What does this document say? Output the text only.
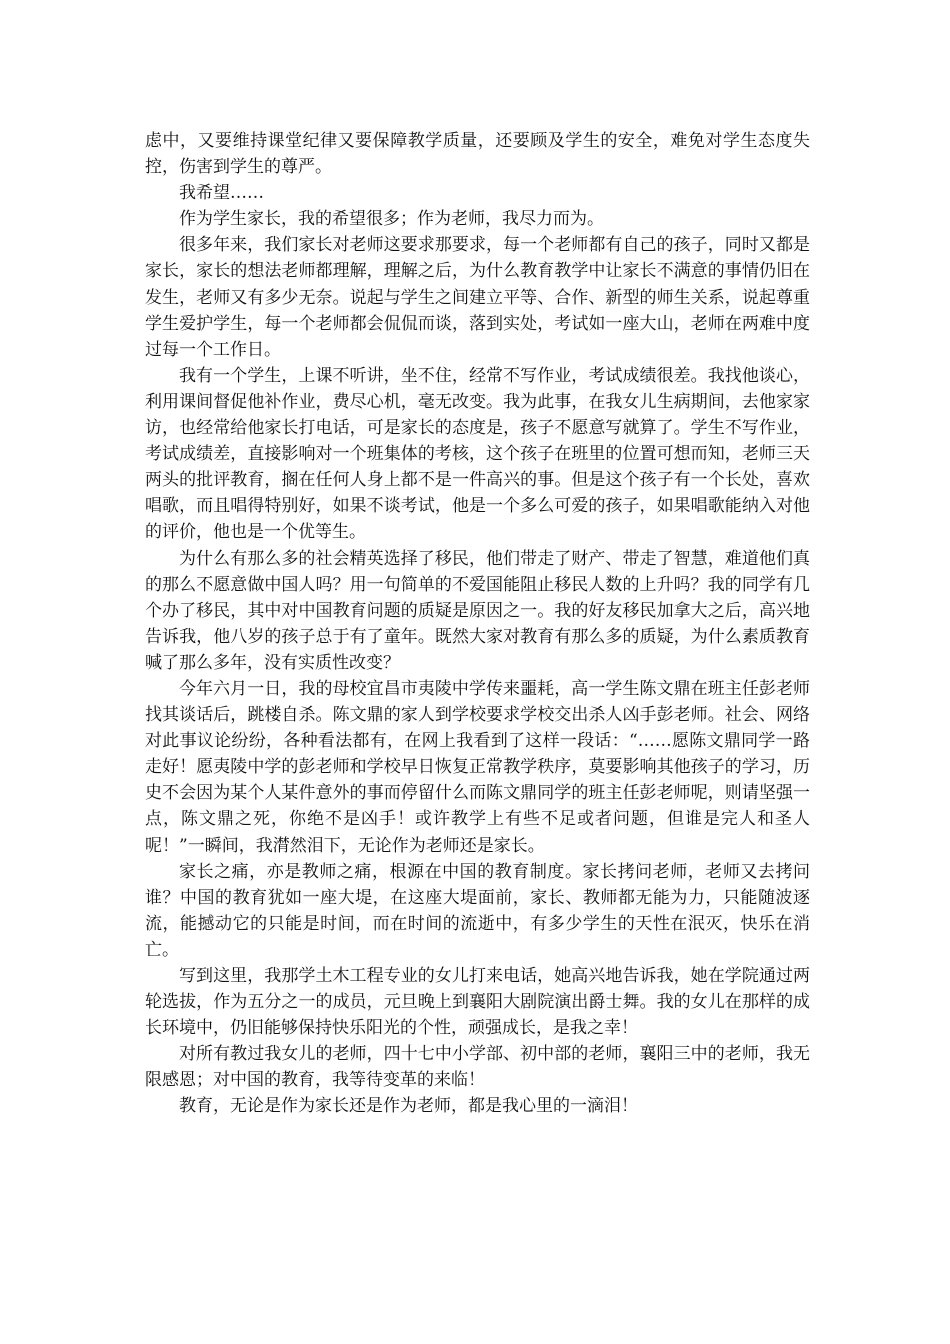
虑中，又要维持课堂纪律又要保障教学质量，还要顾及学生的安全，难免对学生态度失控，伤害到学生的尊严。

我希望……

作为学生家长，我的希望很多；作为老师，我尽力而为。

很多年来，我们家长对老师这要求那要求，每一个老师都有自己的孩子，同时又都是家长，家长的想法老师都理解，理解之后，为什么教育教学中让家长不满意的事情仍旧在发生，老师又有多少无奈。说起与学生之间建立平等、合作、新型的师生关系，说起尊重学生爱护学生，每一个老师都会侃侃而谈，落到实处，考试如一座大山，老师在两难中度过每一个工作日。

我有一个学生，上课不听讲，坐不住，经常不写作业，考试成绩很差。我找他谈心，利用课间督促他补作业，费尽心机，毫无改变。我为此事，在我女儿生病期间，去他家家访，也经常给他家长打电话，可是家长的态度是，孩子不愿意写就算了。学生不写作业，考试成绩差，直接影响对一个班集体的考核，这个孩子在班里的位置可想而知，老师三天两头的批评教育，搁在任何人身上都不是一件高兴的事。但是这个孩子有一个长处，喜欢唱歌，而且唱得特别好，如果不谈考试，他是一个多么可爱的孩子，如果唱歌能纳入对他的评价，他也是一个优等生。

为什么有那么多的社会精英选择了移民，他们带走了财产、带走了智慧，难道他们真的那么不愿意做中国人吗？用一句简单的不爱国能阻止移民人数的上升吗？我的同学有几个办了移民，其中对中国教育问题的质疑是原因之一。我的好友移民加拿大之后，高兴地告诉我，他八岁的孩子总于有了童年。既然大家对教育有那么多的质疑，为什么素质教育喊了那么多年，没有实质性改变？

今年六月一日，我的母校宜昌市夷陵中学传来噩耗，高一学生陈文鼎在班主任彭老师找其谈话后，跳楼自杀。陈文鼎的家人到学校要求学校交出杀人凶手彭老师。社会、网络对此事议论纷纷，各种看法都有，在网上我看到了这样一段话：“……愿陈文鼎同学一路走好！愿夷陵中学的彭老师和学校早日恢复正常教学秩序，莫要影响其他孩子的学习，历史不会因为某个人某件意外的事而停留什么而陈文鼎同学的班主任彭老师呢，则请坚强一点，陈文鼎之死，你绝不是凶手！或许教学上有些不足或者问题，但谁是完人和圣人呢！”一瞬间，我潸然泪下，无论作为老师还是家长。

家长之痛，亦是教师之痛，根源在中国的教育制度。家长拷问老师，老师又去拷问谁？中国的教育犹如一座大堤，在这座大堤面前，家长、教师都无能为力，只能随波逐流，能撼动它的只能是时间，而在时间的流逝中，有多少学生的天性在泯灭，快乐在消亡。

写到这里，我那学土木工程专业的女儿打来电话，她高兴地告诉我，她在学院通过两轮选拔，作为五分之一的成员，元旦晚上到襄阳大剧院演出爵士舞。我的女儿在那样的成长环境中，仍旧能够保持快乐阳光的个性，顽强成长，是我之幸！

对所有教过我女儿的老师，四十七中小学部、初中部的老师，襄阳三中的老师，我无限感恩；对中国的教育，我等待变革的来临！

教育，无论是作为家长还是作为老师，都是我心里的一滴泪！
